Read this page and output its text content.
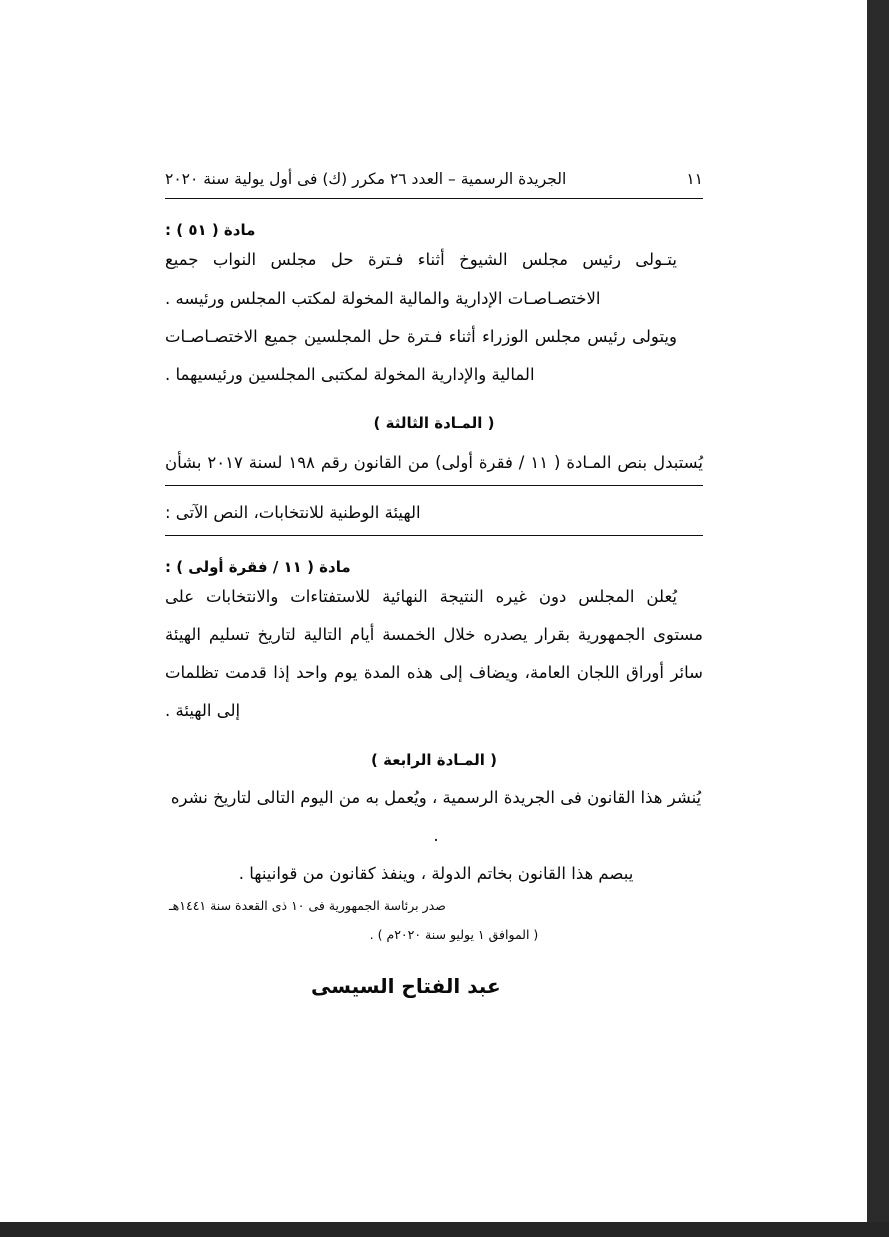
الجريدة الرسمية – العدد ٢٦ مكرر (ك) فى أول يولية سنة ٢٠٢٠	١١
مادة ( ٥١ ) :

يتـولى رئيس مجلس الشيوخ أثناء فـترة حل مجلس النواب جميع الاختصـاصـات الإدارية والمالية المخولة لمكتب المجلس ورئيسه .

ويتولى رئيس مجلس الوزراء أثناء فـترة حل المجلسين جميع الاختصـاصـات المالية والإدارية المخولة لمكتبى المجلسين ورئيسيهما .

( المـادة الثالثة )
يُستبدل بنص المـادة ( ١١ / فقرة أولى) من القانون رقم ١٩٨ لسنة ٢٠١٧ بشأن
الهيئة الوطنية للانتخابات، النص الآتى :
مادة ( ١١ / فقرة أولى ) :

يُعلن المجلس دون غيره النتيجة النهائية للاستفتاءات والانتخابات على مستوى الجمهورية بقرار يصدره خلال الخمسة أيام التالية لتاريخ تسليم الهيئة سائر أوراق اللجان العامة، ويضاف إلى هذه المدة يوم واحد إذا قدمت تظلمات إلى الهيئة .

( المـادة الرابعة )

يُنشر هذا القانون فى الجريدة الرسمية ، ويُعمل به من اليوم التالى لتاريخ نشره .

يبصم هذا القانون بخاتم الدولة ، وينفذ كقانون من قوانينها .

صدر برئاسة الجمهورية فى ١٠ ذى القعدة سنة ١٤٤١هـ

( الموافق ١ يوليو سنة ٢٠٢٠م ) .

عبد الفتاح السيسى
